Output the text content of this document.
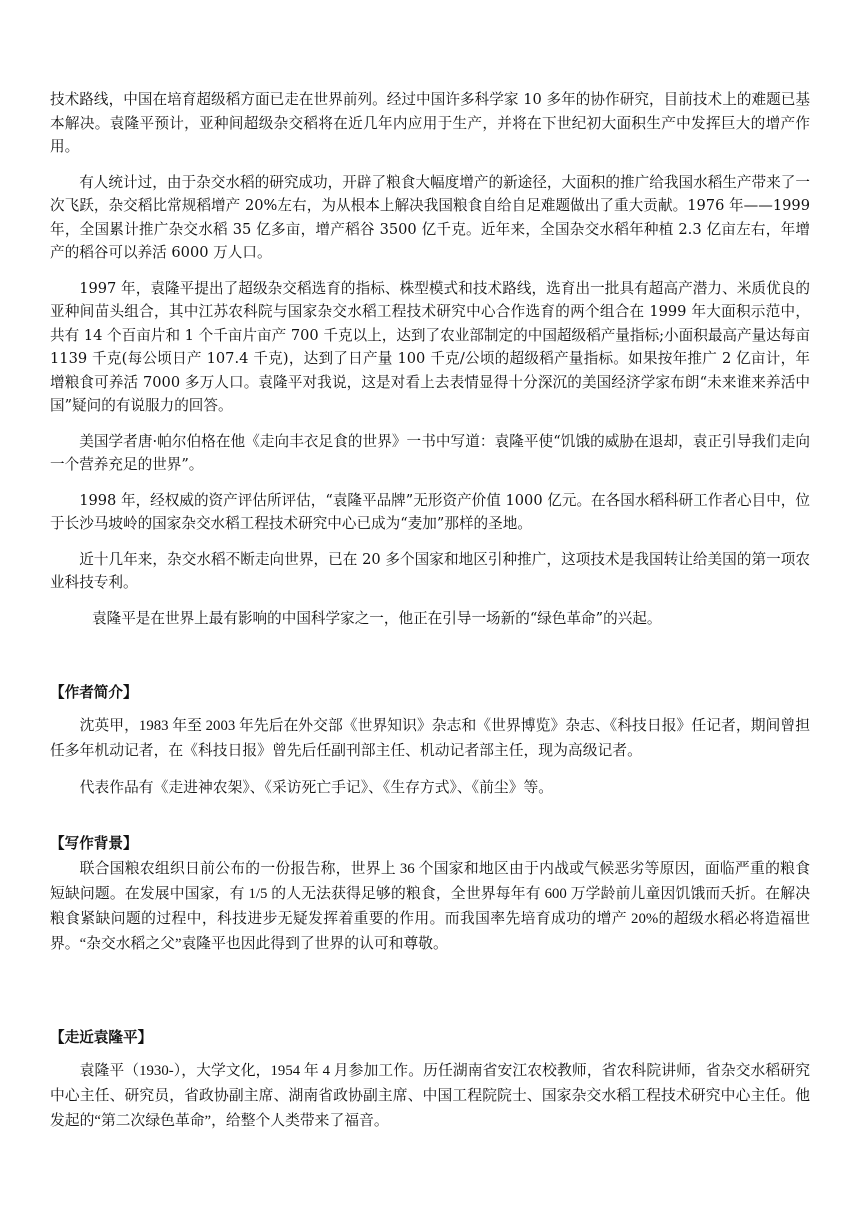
技术路线，中国在培育超级稻方面已走在世界前列。经过中国许多科学家 10 多年的协作研究，目前技术上的难题已基本解决。袁隆平预计，亚种间超级杂交稻将在近几年内应用于生产，并将在下世纪初大面积生产中发挥巨大的增产作用。

有人统计过，由于杂交水稻的研究成功，开辟了粮食大幅度增产的新途径，大面积的推广给我国水稻生产带来了一次飞跃，杂交稻比常规稻增产 20%左右，为从根本上解决我国粮食自给自足难题做出了重大贡献。1976 年——1999 年，全国累计推广杂交水稻 35 亿多亩，增产稻谷 3500 亿千克。近年来，全国杂交水稻年种植 2.3 亿亩左右，年增产的稻谷可以养活 6000 万人口。

1997 年，袁隆平提出了超级杂交稻选育的指标、株型模式和技术路线，选育出一批具有超高产潜力、米质优良的亚种间苗头组合，其中江苏农科院与国家杂交水稻工程技术研究中心合作选育的两个组合在 1999 年大面积示范中，共有 14 个百亩片和 1 个千亩片亩产 700 千克以上，达到了农业部制定的中国超级稻产量指标;小面积最高产量达每亩 1139 千克(每公顷日产 107.4 千克)，达到了日产量 100 千克/公顷的超级稻产量指标。如果按年推广 2 亿亩计，年增粮食可养活 7000 多万人口。袁隆平对我说，这是对看上去表情显得十分深沉的美国经济学家布朗“未来谁来养活中国”疑问的有说服力的回答。

美国学者唐·帕尔伯格在他《走向丰衣足食的世界》一书中写道：袁隆平使“饥饿的威胁在退却，袁正引导我们走向一个营养充足的世界”。

1998 年，经权威的资产评估所评估，“袁隆平品牌”无形资产价值 1000 亿元。在各国水稻科研工作者心目中，位于长沙马坡岭的国家杂交水稻工程技术研究中心已成为“麦加”那样的圣地。

近十几年来，杂交水稻不断走向世界，已在 20 多个国家和地区引种推广，这项技术是我国转让给美国的第一项农业科技专利。

袁隆平是在世界上最有影响的中国科学家之一，他正在引导一场新的“绿色革命”的兴起。

【作者简介】

沈英甲，1983 年至 2003 年先后在外交部《世界知识》杂志和《世界博览》杂志、《科技日报》任记者，期间曾担任多年机动记者，在《科技日报》曾先后任副刊部主任、机动记者部主任，现为高级记者。

代表作品有《走进神农架》、《采访死亡手记》、《生存方式》、《前尘》等。

【写作背景】

联合国粮农组织日前公布的一份报告称，世界上 36 个国家和地区由于内战或气候恶劣等原因，面临严重的粮食短缺问题。在发展中国家，有 1/5 的人无法获得足够的粮食，全世界每年有 600 万学龄前儿童因饥饿而夭折。在解决粮食紧缺问题的过程中，科技进步无疑发挥着重要的作用。而我国率先培育成功的增产 20%的超级水稻必将造福世界。“杂交水稻之父”袁隆平也因此得到了世界的认可和尊敬。

【走近袁隆平】

袁隆平（1930-），大学文化，1954 年 4 月参加工作。历任湖南省安江农校教师，省农科院讲师，省杂交水稻研究中心主任、研究员，省政协副主席、湖南省政协副主席、中国工程院院士、国家杂交水稻工程技术研究中心主任。他发起的“第二次绿色革命”，给整个人类带来了福音。
